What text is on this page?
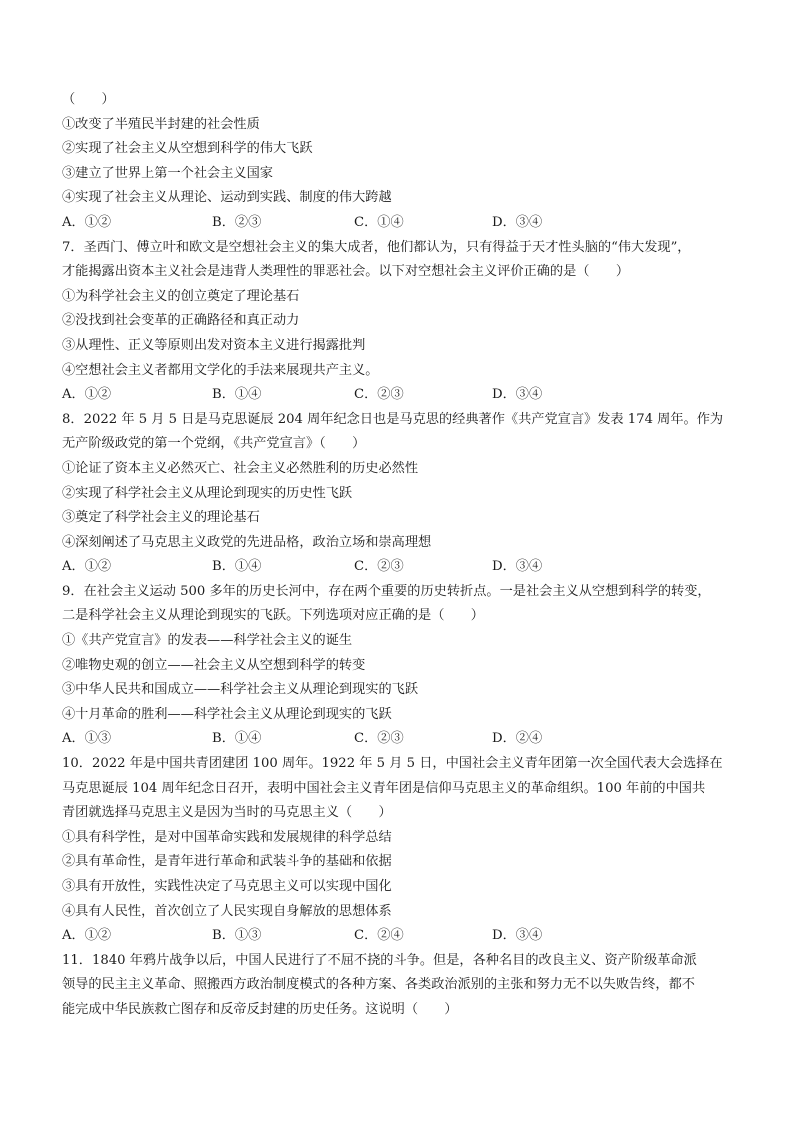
（　　）
①改变了半殖民半封建的社会性质
②实现了社会主义从空想到科学的伟大飞跃
③建立了世界上第一个社会主义国家
④实现了社会主义从理论、运动到实践、制度的伟大跨越
A．①②	B．②③	C．①④	D．③④
7．圣西门、傅立叶和欧文是空想社会主义的集大成者，他们都认为，只有得益于天才性头脑的“伟大发现”，
才能揭露出资本主义社会是违背人类理性的罪恶社会。以下对空想社会主义评价正确的是（　　）
①为科学社会主义的创立奠定了理论基石
②没找到社会变革的正确路径和真正动力
③从理性、正义等原则出发对资本主义进行揭露批判
④空想社会主义者都用文学化的手法来展现共产主义。
A．①②	B．①④	C．②③	D．③④
8．2022 年 5 月 5 日是马克思诞辰 204 周年纪念日也是马克思的经典著作《共产党宣言》发表 174 周年。作为
无产阶级政党的第一个党纲，《共产党宣言》（　　）
①论证了资本主义必然灭亡、社会主义必然胜利的历史必然性
②实现了科学社会主义从理论到现实的历史性飞跃
③奠定了科学社会主义的理论基石
④深刻阐述了马克思主义政党的先进品格，政治立场和崇高理想
A．①②	B．①④	C．②③	D．③④
9．在社会主义运动 500 多年的历史长河中，存在两个重要的历史转折点。一是社会主义从空想到科学的转变，
二是科学社会主义从理论到现实的飞跃。下列选项对应正确的是（　　）
①《共产党宣言》的发表——科学社会主义的诞生
②唯物史观的创立——社会主义从空想到科学的转变
③中华人民共和国成立——科学社会主义从理论到现实的飞跃
④十月革命的胜利——科学社会主义从理论到现实的飞跃
A．①③	B．①④	C．②③	D．②④
10．2022 年是中国共青团建团 100 周年。1922 年 5 月 5 日，中国社会主义青年团第一次全国代表大会选择在
马克思诞辰 104 周年纪念日召开，表明中国社会主义青年团是信仰马克思主义的革命组织。100 年前的中国共
青团就选择马克思主义是因为当时的马克思主义（　　）
①具有科学性，是对中国革命实践和发展规律的科学总结
②具有革命性，是青年进行革命和武装斗争的基础和依据
③具有开放性，实践性决定了马克思主义可以实现中国化
④具有人民性，首次创立了人民实现自身解放的思想体系
A．①②	B．①③	C．②④	D．③④
11．1840 年鸦片战争以后，中国人民进行了不屈不挠的斗争。但是，各种名目的改良主义、资产阶级革命派
领导的民主主义革命、照搬西方政治制度模式的各种方案、各类政治派别的主张和努力无不以失败告终，都不
能完成中华民族救亡图存和反帝反封建的历史任务。这说明（　　）
